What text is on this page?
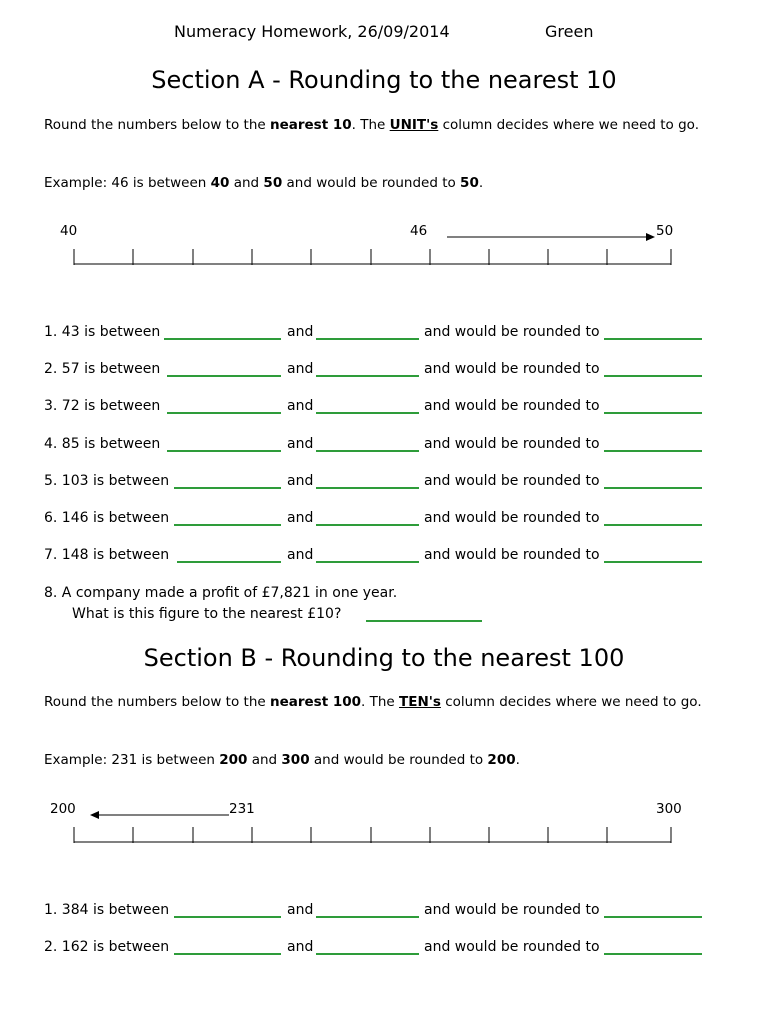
Numeracy Homework, 26/09/2014	Green
Section A - Rounding to the nearest 10
Round the numbers below to the nearest 10. The UNIT's column decides where we need to go.
Example: 46 is between 40 and 50 and would be rounded to 50.
40	46	50
1. 43 is between	and	and would be rounded to
2. 57 is between	and	and would be rounded to
3. 72 is between	and	and would be rounded to
4. 85 is between	and	and would be rounded to
5. 103 is between	and	and would be rounded to
6. 146 is between	and	and would be rounded to
7. 148 is between	and	and would be rounded to
8. A company made a profit of £7,821 in one year.
What is this figure to the nearest £10?
Section B - Rounding to the nearest 100
Round the numbers below to the nearest 100. The TEN's column decides where we need to go.
Example: 231 is between 200 and 300 and would be rounded to 200.
200	231	300
1. 384 is between	and	and would be rounded to
2. 162 is between	and	and would be rounded to
